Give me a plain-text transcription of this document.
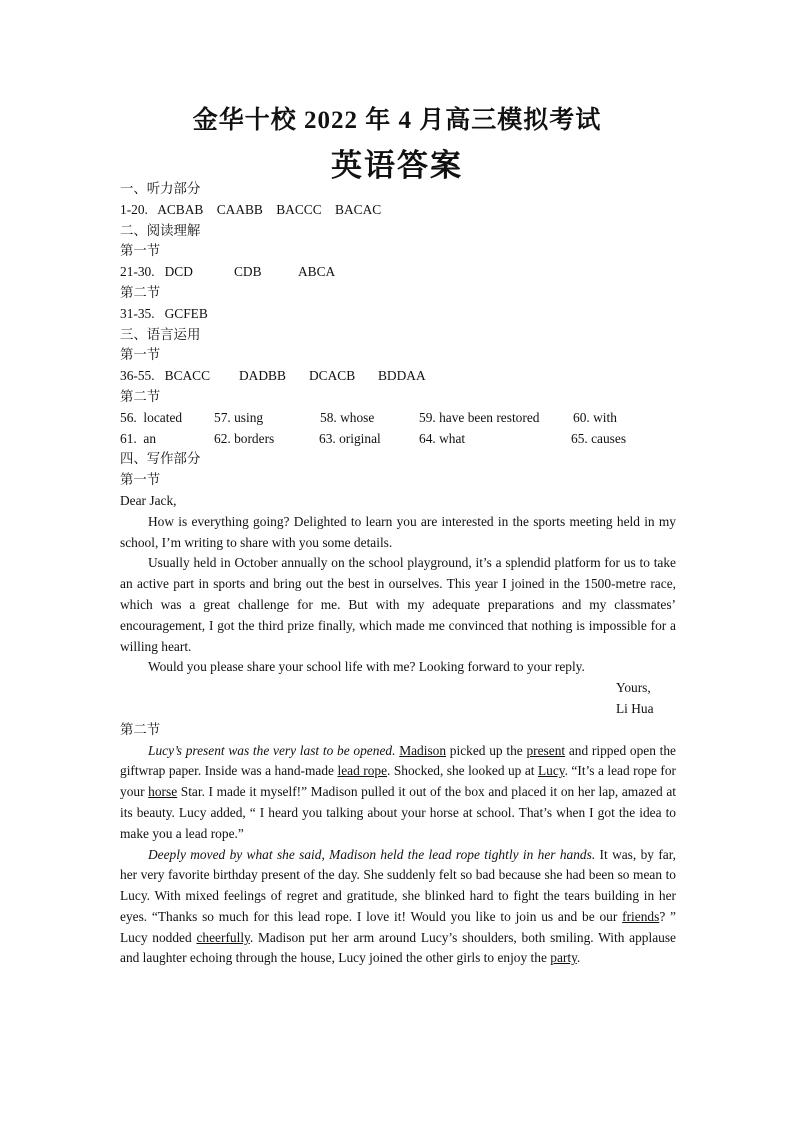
金华十校 2022 年 4 月高三模拟考试
英语答案
一、听力部分
1-20.   ACBAB    CAABB    BACCC    BACAC
二、阅读理解
第一节
21-30.   DCD	CDB	ABCA
第二节
31-35.   GCFEB
三、语言运用
第一节
36-55.   BCACC DADBB DCACB BDDAA
第二节
56.  located 57. using	58. whose	59. have been restored	60. with
61.  an	62. borders	63. original	64. what	65. causes
四、写作部分
第一节
Dear Jack,
How is everything going? Delighted to learn you are interested in the sports meeting held in my school, I’m writing to share with you some details.
Usually held in October annually on the school playground, it’s a splendid platform for us to take an active part in sports and bring out the best in ourselves. This year I joined in the 1500-metre race, which was a great challenge for me. But with my adequate preparations and my classmates’ encouragement, I got the third prize finally, which made me convinced that nothing is impossible for a willing heart.
Would you please share your school life with me? Looking forward to your reply.
Yours,
Li Hua
第二节
Lucy’s present was the very last to be opened. Madison picked up the present and ripped open the giftwrap paper. Inside was a hand-made lead rope. Shocked, she looked up at Lucy. “It’s a lead rope for your horse Star. I made it myself!” Madison pulled it out of the box and placed it on her lap, amazed at its beauty. Lucy added, “ I heard you talking about your horse at school. That’s when I got the idea to make you a lead rope.”
Deeply moved by what she said, Madison held the lead rope tightly in her hands. It was, by far, her very favorite birthday present of the day. She suddenly felt so bad because she had been so mean to Lucy. With mixed feelings of regret and gratitude, she blinked hard to fight the tears building in her eyes. “Thanks so much for this lead rope. I love it! Would you like to join us and be our friends? ” Lucy nodded cheerfully. Madison put her arm around Lucy’s shoulders, both smiling. With applause and laughter echoing through the house, Lucy joined the other girls to enjoy the party.
